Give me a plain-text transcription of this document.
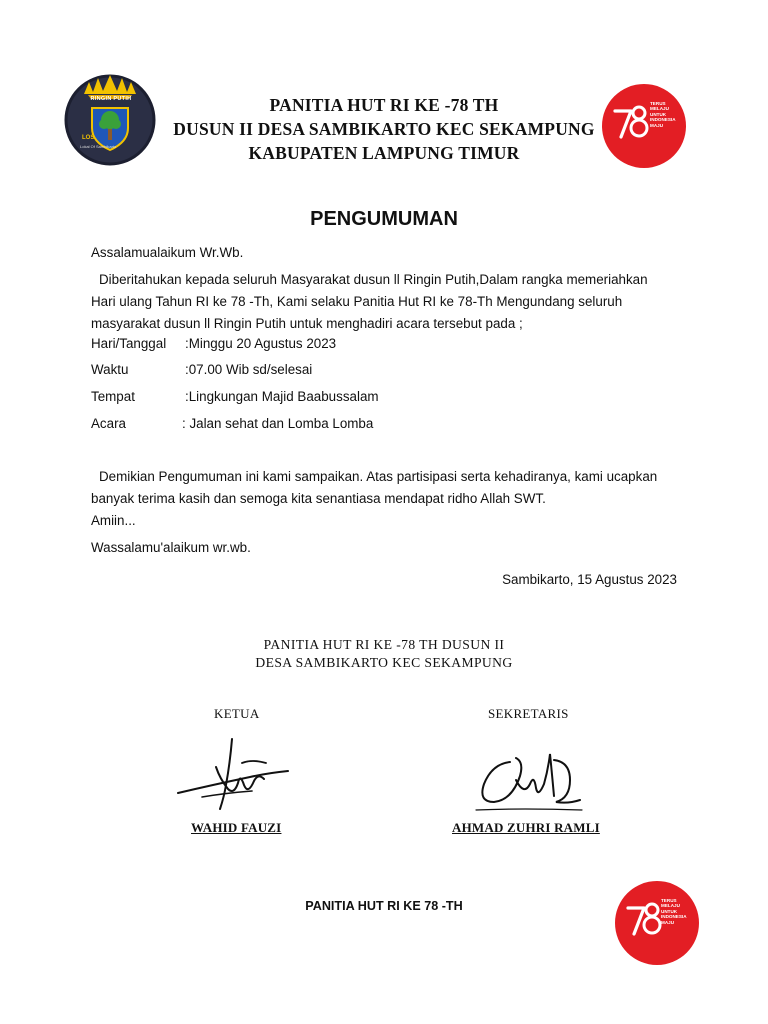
RINGIN PUTIH
LOS
Lokal Of Sambikarto
PANITIA HUT RI KE -78 TH
DUSUN II DESA SAMBIKARTO KEC SEKAMPUNG
KABUPATEN LAMPUNG TIMUR
TERUS
MELAJU
UNTUK
INDONESIA
MAJU
PENGUMUMAN
Assalamualaikum Wr.Wb.
Diberitahukan kepada seluruh Masyarakat dusun ll Ringin Putih,Dalam rangka memeriahkan
Hari ulang Tahun RI ke 78 -Th, Kami selaku Panitia Hut RI ke 78-Th Mengundang seluruh
masyarakat dusun ll Ringin Putih untuk menghadiri acara tersebut pada ;
Hari/Tanggal :Minggu 20 Agustus 2023
Waktu	:07.00 Wib sd/selesai
Tempat	:Lingkungan Majid Baabussalam
Acara	: Jalan sehat dan Lomba Lomba
Demikian Pengumuman ini kami sampaikan. Atas partisipasi serta kehadiranya, kami ucapkan
banyak terima kasih dan semoga kita senantiasa mendapat ridho Allah SWT.
Amiin...
Wassalamu'alaikum wr.wb.
Sambikarto, 15 Agustus 2023
PANITIA HUT RI KE -78 TH DUSUN II
DESA SAMBIKARTO KEC SEKAMPUNG
KETUA	SEKRETARIS
WAHID FAUZI	AHMAD ZUHRI RAMLI
PANITIA HUT RI KE 78 -TH	TERUS
MELAJU
UNTUK
INDONESIA
MAJU
